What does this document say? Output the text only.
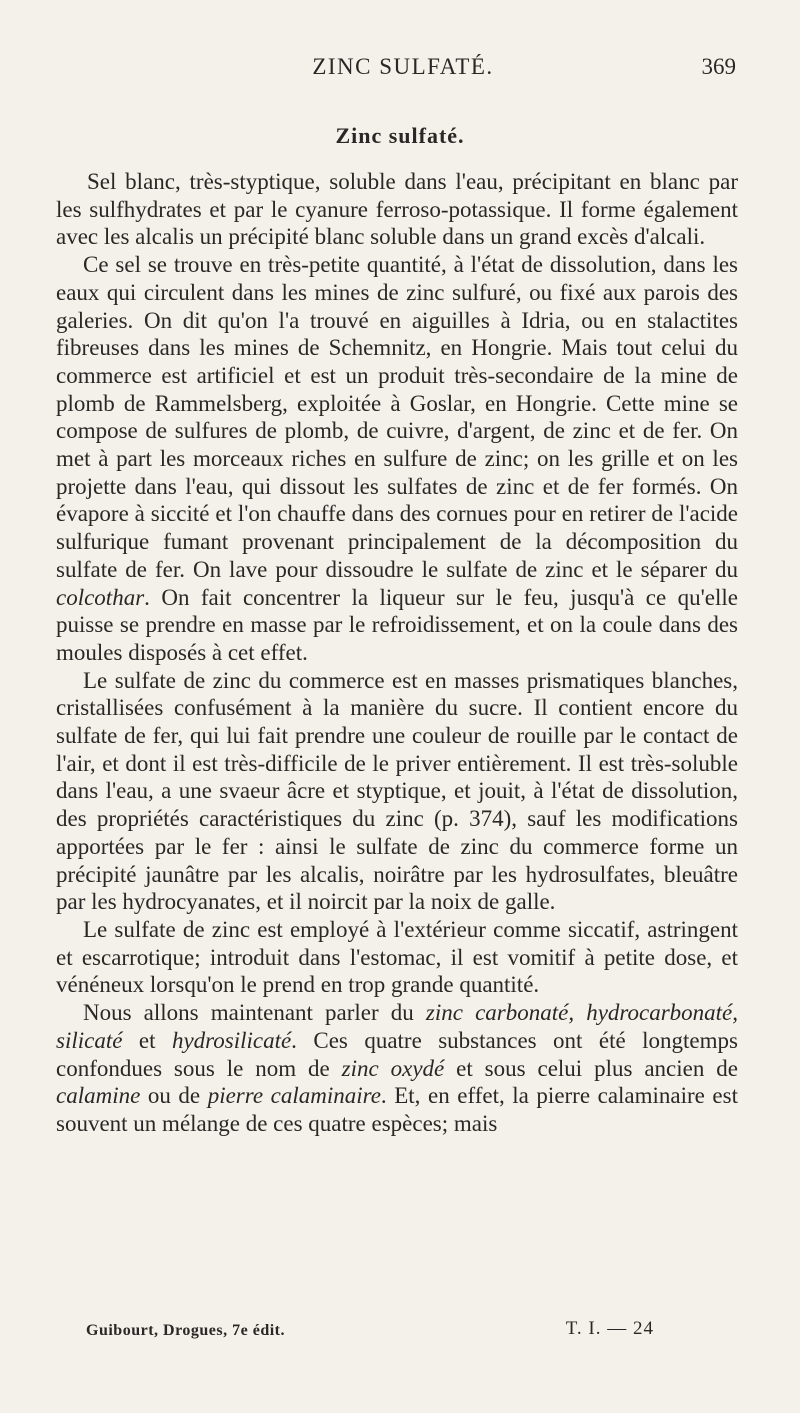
ZINC SULFATÉ.	369
Zinc sulfaté.

Sel blanc, très-styptique, soluble dans l'eau, précipitant en blanc par les sulfhydrates et par le cyanure ferroso-potassique. Il forme également avec les alcalis un précipité blanc soluble dans un grand excès d'alcali.

Ce sel se trouve en très-petite quantité, à l'état de dissolution, dans les eaux qui circulent dans les mines de zinc sulfuré, ou fixé aux parois des galeries. On dit qu'on l'a trouvé en aiguilles à Idria, ou en stalactites fibreuses dans les mines de Schemnitz, en Hongrie. Mais tout celui du commerce est artificiel et est un produit très-secondaire de la mine de plomb de Rammelsberg, exploitée à Goslar, en Hongrie. Cette mine se compose de sulfures de plomb, de cuivre, d'argent, de zinc et de fer. On met à part les morceaux riches en sulfure de zinc; on les grille et on les projette dans l'eau, qui dissout les sulfates de zinc et de fer formés. On évapore à siccité et l'on chauffe dans des cornues pour en retirer de l'acide sulfurique fumant provenant principalement de la décomposition du sulfate de fer. On lave pour dissoudre le sulfate de zinc et le séparer du colcothar. On fait concentrer la liqueur sur le feu, jusqu'à ce qu'elle puisse se prendre en masse par le refroidissement, et on la coule dans des moules disposés à cet effet.

Le sulfate de zinc du commerce est en masses prismatiques blanches, cristallisées confusément à la manière du sucre. Il contient encore du sulfate de fer, qui lui fait prendre une couleur de rouille par le contact de l'air, et dont il est très-difficile de le priver entièrement. Il est très-soluble dans l'eau, a une svaeur âcre et styptique, et jouit, à l'état de dissolution, des propriétés caractéristiques du zinc (p. 374), sauf les modifications apportées par le fer : ainsi le sulfate de zinc du commerce forme un précipité jaunâtre par les alcalis, noirâtre par les hydrosulfates, bleuâtre par les hydrocyanates, et il noircit par la noix de galle.

Le sulfate de zinc est employé à l'extérieur comme siccatif, astringent et escarrotique; introduit dans l'estomac, il est vomitif à petite dose, et vénéneux lorsqu'on le prend en trop grande quantité.

Nous allons maintenant parler du zinc carbonaté, hydrocarbonaté, silicaté et hydrosilicaté. Ces quatre substances ont été longtemps confondues sous le nom de zinc oxydé et sous celui plus ancien de calamine ou de pierre calaminaire. Et, en effet, la pierre calaminaire est souvent un mélange de ces quatre espèces; mais

Guibourt, Drogues, 7e édit.	T. I. — 24
